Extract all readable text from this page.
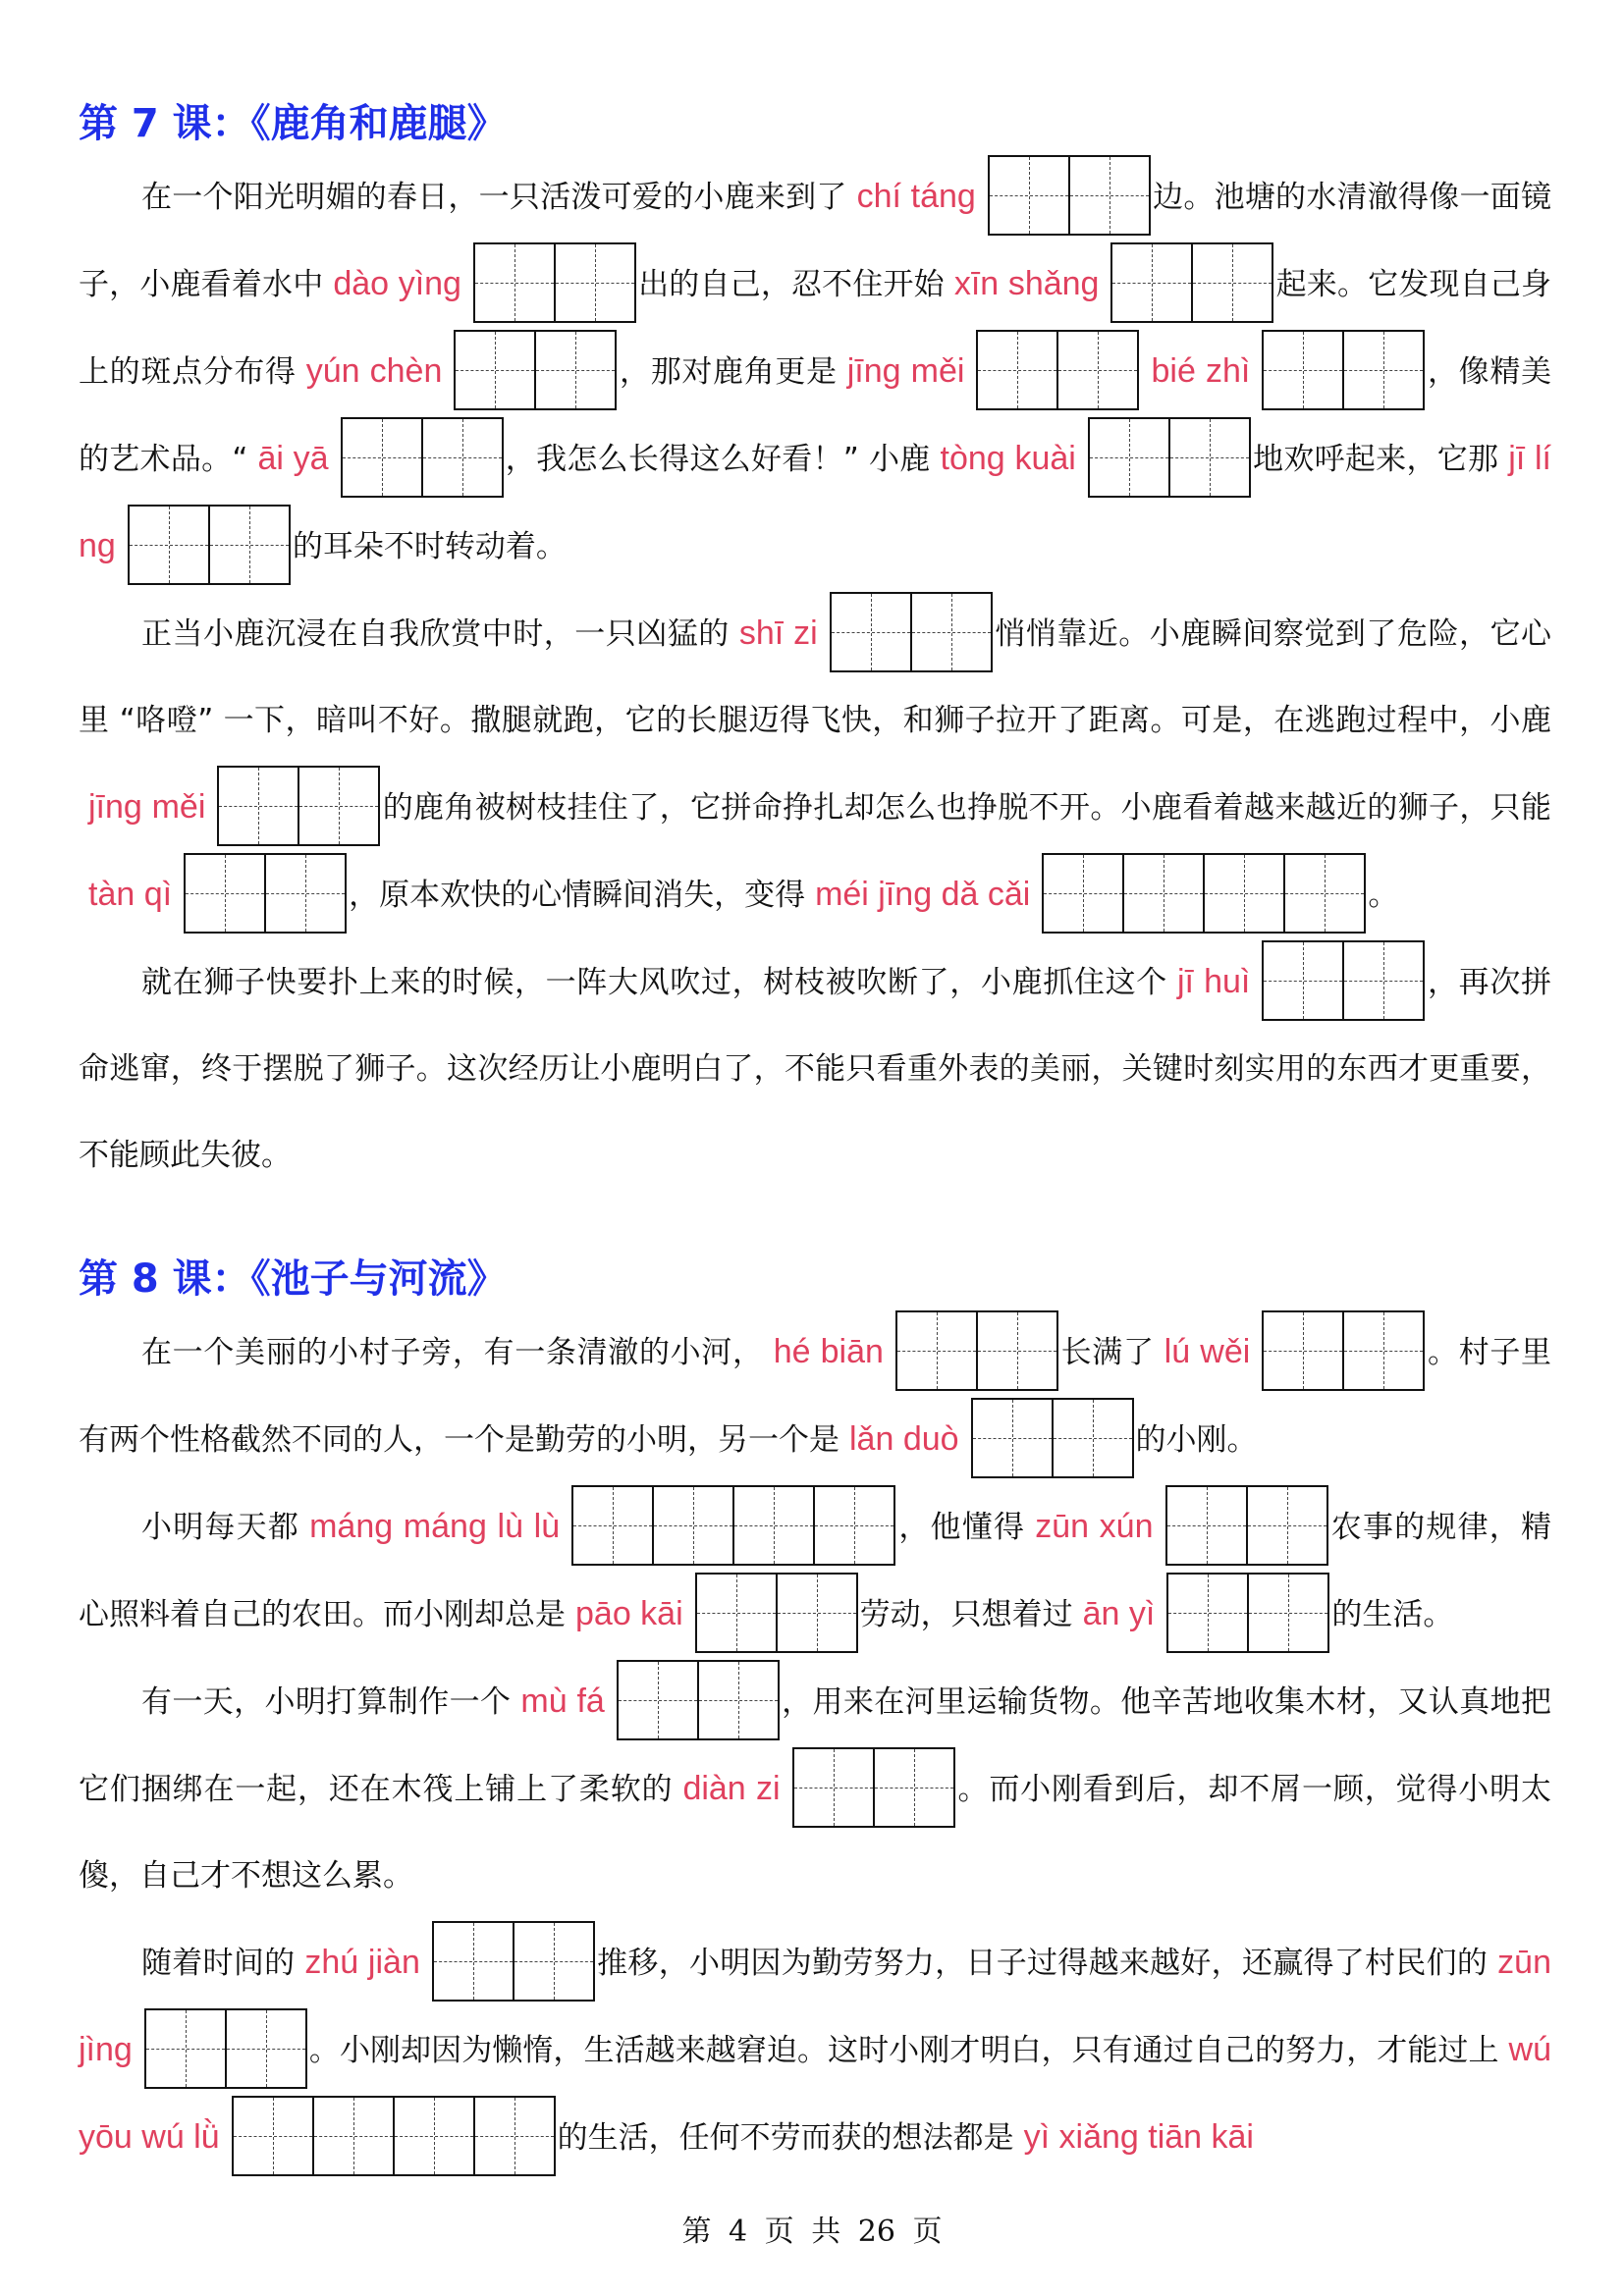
第 7 课：《鹿角和鹿腿》

在一个阳光明媚的春日，一只活泼可爱的小鹿来到了 chí táng	边。池塘的水清澈得像一面镜子，小鹿看着水中 dào yìng	出的自己，忍不住开始 xīn shǎng	起来。它发现自己身上的斑点分布得 yún chèn	，那对鹿角更是 jīng měi	bié zhì	，像精美的艺术品。“ āi yā	，我怎么长得这么好看！” 小鹿 tòng kuài	地欢呼起来，它那 jī lí ng	的耳朵不时转动着。

正当小鹿沉浸在自我欣赏中时，一只凶猛的 shī zi	悄悄靠近。小鹿瞬间察觉到了危险，它心里 “咯噔” 一下，暗叫不好。撒腿就跑，它的长腿迈得飞快，和狮子拉开了距离。可是，在逃跑过程中，小鹿jīng měi	的鹿角被树枝挂住了，它拼命挣扎却怎么也挣脱不开。小鹿看着越来越近的狮子，只能tàn qì	，原本欢快的心情瞬间消失，变得 méi jīng dǎ cǎi	。

就在狮子快要扑上来的时候，一阵大风吹过，树枝被吹断了，小鹿抓住这个 jī huì	，再次拼命逃窜，终于摆脱了狮子。这次经历让小鹿明白了，不能只看重外表的美丽，关键时刻实用的东西才更重要，不能顾此失彼。

第 8 课：《池子与河流》

在一个美丽的小村子旁，有一条清澈的小河， hé biān	长满了 lú wěi	。村子里有两个性格截然不同的人，一个是勤劳的小明，另一个是 lǎn duò	的小刚。

小明每天都 máng máng lù lù	，他懂得 zūn xún	农事的规律，精心照料着自己的农田。而小刚却总是 pāo kāi	劳动，只想着过 ān yì	的生活。

有一天，小明打算制作一个 mù fá	，用来在河里运输货物。他辛苦地收集木材，又认真地把它们捆绑在一起，还在木筏上铺上了柔软的 diàn zi	。而小刚看到后，却不屑一顾，觉得小明太傻，自己才不想这么累。

随着时间的 zhú jiàn	推移，小明因为勤劳努力，日子过得越来越好，还赢得了村民们的 zūn jìng	。小刚却因为懒惰，生活越来越窘迫。这时小刚才明白，只有通过自己的努力，才能过上 wú yōu wú lǜ	的生活，任何不劳而获的想法都是 yì xiǎng tiān kāi

第 4 页 共 26 页
